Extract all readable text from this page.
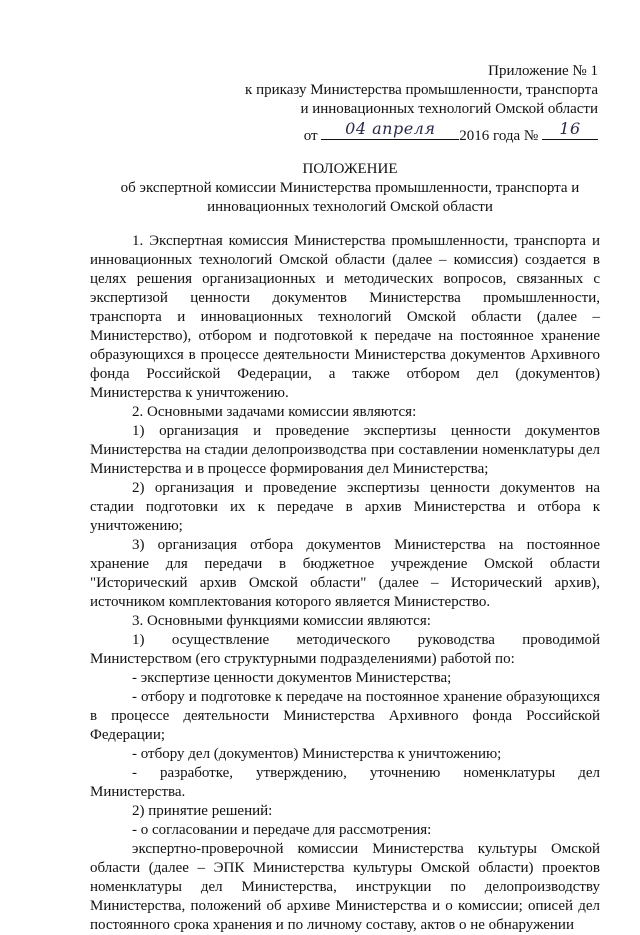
Приложение № 1
к приказу Министерства промышленности, транспорта
и инновационных технологий Омской области
от	04 апреля	2016 года №	16
ПОЛОЖЕНИЕ
об экспертной комиссии Министерства промышленности, транспорта и
инновационных технологий Омской области

1. Экспертная комиссия Министерства промышленности, транспорта и инновационных технологий Омской области (далее – комиссия) создается в целях решения организационных и методических вопросов, связанных с экспертизой ценности документов Министерства промышленности, транспорта и инновационных технологий Омской области (далее – Министерство), отбором и подготовкой к передаче на постоянное хранение образующихся в процессе деятельности Министерства документов Архивного фонда Российской Федерации, а также отбором дел (документов) Министерства к уничтожению.

2. Основными задачами комиссии являются:

1) организация и проведение экспертизы ценности документов Министерства на стадии делопроизводства при составлении номенклатуры дел Министерства и в процессе формирования дел Министерства;

2) организация и проведение экспертизы ценности документов на стадии подготовки их к передаче в архив Министерства и отбора к уничтожению;

3) организация отбора документов Министерства на постоянное хранение для передачи в бюджетное учреждение Омской области "Исторический архив Омской области" (далее – Исторический архив), источником комплектования которого является Министерство.

3. Основными функциями комиссии являются:

1) осуществление методического руководства проводимой Министерством (его структурными подразделениями) работой по:

- экспертизе ценности документов Министерства;

- отбору и подготовке к передаче на постоянное хранение образующихся в процессе деятельности Министерства Архивного фонда Российской Федерации;

- отбору дел (документов) Министерства к уничтожению;

- разработке, утверждению, уточнению номенклатуры дел Министерства.

2) принятие решений:

- о согласовании и передаче для рассмотрения:

экспертно-проверочной комиссии Министерства культуры Омской области (далее – ЭПК Министерства культуры Омской области) проектов номенклатуры дел Министерства, инструкции по делопроизводству Министерства, положений об архиве Министерства и о комиссии; описей дел постоянного срока хранения и по личному составу, актов о не обнаружении
